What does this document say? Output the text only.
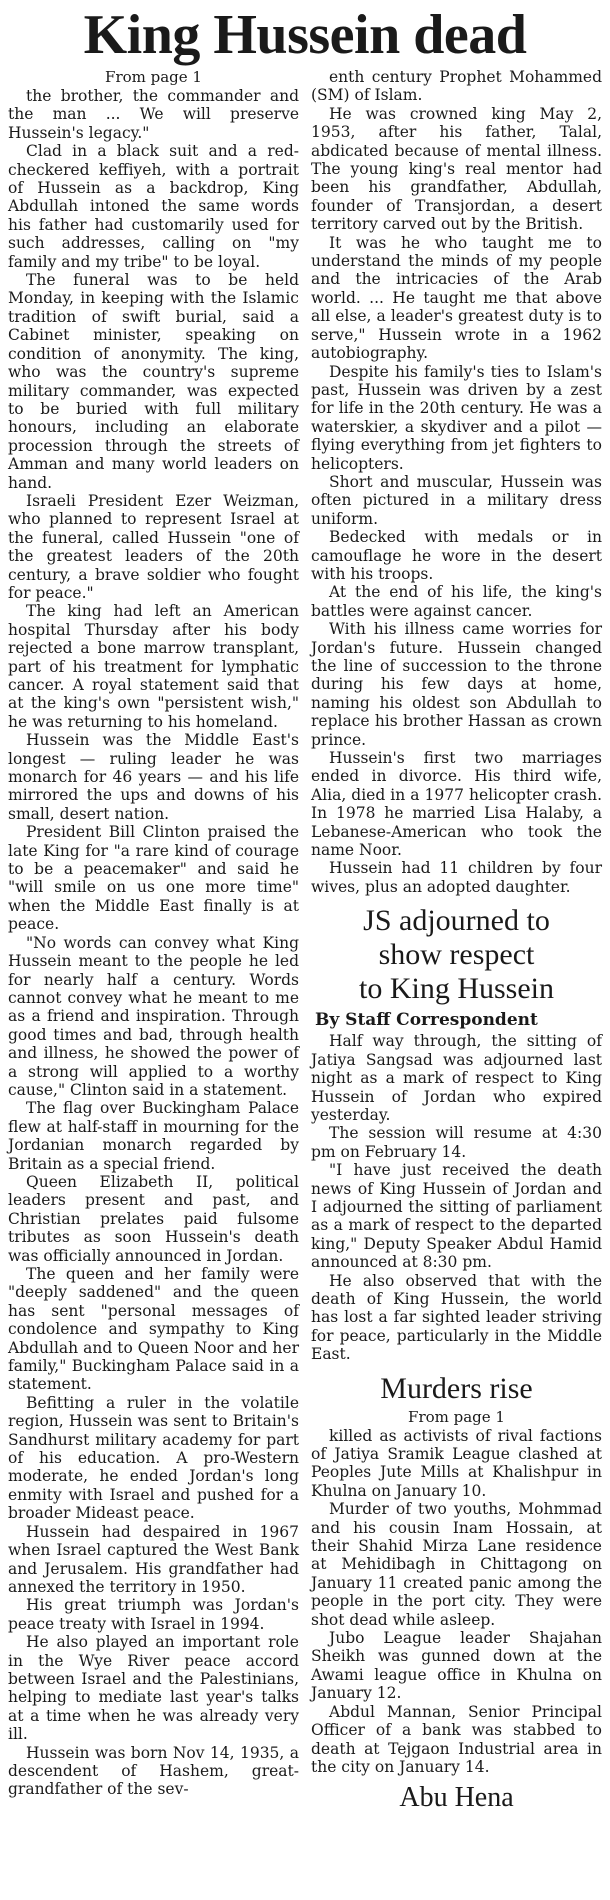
King Hussein dead
From page 1

the brother, the commander and the man ... We will preserve Hussein's legacy."

Clad in a black suit and a red-checkered keffiyeh, with a portrait of Hussein as a backdrop, King Abdullah intoned the same words his father had customarily used for such addresses, calling on "my family and my tribe" to be loyal.

The funeral was to be held Monday, in keeping with the Islamic tradition of swift burial, said a Cabinet minister, speaking on condition of anonymity. The king, who was the country's supreme military commander, was expected to be buried with full military honours, including an elaborate procession through the streets of Amman and many world leaders on hand.

Israeli President Ezer Weizman, who planned to represent Israel at the funeral, called Hussein "one of the greatest leaders of the 20th century, a brave soldier who fought for peace."

The king had left an American hospital Thursday after his body rejected a bone marrow transplant, part of his treatment for lymphatic cancer. A royal statement said that at the king's own "persistent wish," he was returning to his homeland.

Hussein was the Middle East's longest — ruling leader he was monarch for 46 years — and his life mirrored the ups and downs of his small, desert nation.

President Bill Clinton praised the late King for "a rare kind of courage to be a peacemaker" and said he "will smile on us one more time" when the Middle East finally is at peace.

"No words can convey what King Hussein meant to the people he led for nearly half a century. Words cannot convey what he meant to me as a friend and inspiration. Through good times and bad, through health and illness, he showed the power of a strong will applied to a worthy cause," Clinton said in a statement.

The flag over Buckingham Palace flew at half-staff in mourning for the Jordanian monarch regarded by Britain as a special friend.

Queen Elizabeth II, political leaders present and past, and Christian prelates paid fulsome tributes as soon Hussein's death was officially announced in Jordan.

The queen and her family were "deeply saddened" and the queen has sent "personal messages of condolence and sympathy to King Abdullah and to Queen Noor and her family," Buckingham Palace said in a statement.

Befitting a ruler in the volatile region, Hussein was sent to Britain's Sandhurst military academy for part of his education. A pro-Western moderate, he ended Jordan's long enmity with Israel and pushed for a broader Mideast peace.

Hussein had despaired in 1967 when Israel captured the West Bank and Jerusalem. His grandfather had annexed the territory in 1950.

His great triumph was Jordan's peace treaty with Israel in 1994.

He also played an important role in the Wye River peace accord between Israel and the Palestinians, helping to mediate last year's talks at a time when he was already very ill.

Hussein was born Nov 14, 1935, a descendent of Hashem, great-grandfather of the sev-

enth century Prophet Mohammed (SM) of Islam.

He was crowned king May 2, 1953, after his father, Talal, abdicated because of mental illness. The young king's real mentor had been his grandfather, Abdullah, founder of Transjordan, a desert territory carved out by the British.

It was he who taught me to understand the minds of my people and the intricacies of the Arab world. ... He taught me that above all else, a leader's greatest duty is to serve," Hussein wrote in a 1962 autobiography.

Despite his family's ties to Islam's past, Hussein was driven by a zest for life in the 20th century. He was a waterskier, a skydiver and a pilot — flying everything from jet fighters to helicopters.

Short and muscular, Hussein was often pictured in a military dress uniform.

Bedecked with medals or in camouflage he wore in the desert with his troops.

At the end of his life, the king's battles were against cancer.

With his illness came worries for Jordan's future. Hussein changed the line of succession to the throne during his few days at home, naming his oldest son Abdullah to replace his brother Hassan as crown prince.

Hussein's first two marriages ended in divorce. His third wife, Alia, died in a 1977 helicopter crash. In 1978 he married Lisa Halaby, a Lebanese-American who took the name Noor.

Hussein had 11 children by four wives, plus an adopted daughter.

JS adjourned to
show respect
to King Hussein
By Staff Correspondent

Half way through, the sitting of Jatiya Sangsad was adjourned last night as a mark of respect to King Hussein of Jordan who expired yesterday.

The session will resume at 4:30 pm on February 14.

"I have just received the death news of King Hussein of Jordan and I adjourned the sitting of parliament as a mark of respect to the departed king," Deputy Speaker Abdul Hamid announced at 8:30 pm.

He also observed that with the death of King Hussein, the world has lost a far sighted leader striving for peace, particularly in the Middle East.

Murders rise
From page 1

killed as activists of rival factions of Jatiya Sramik League clashed at Peoples Jute Mills at Khalishpur in Khulna on January 10.

Murder of two youths, Mohmmad and his cousin Inam Hossain, at their Shahid Mirza Lane residence at Mehidibagh in Chittagong on January 11 created panic among the people in the port city. They were shot dead while asleep.

Jubo League leader Shajahan Sheikh was gunned down at the Awami league office in Khulna on January 12.

Abdul Mannan, Senior Principal Officer of a bank was stabbed to death at Tejgaon Industrial area in the city on January 14.

Abu Hena
